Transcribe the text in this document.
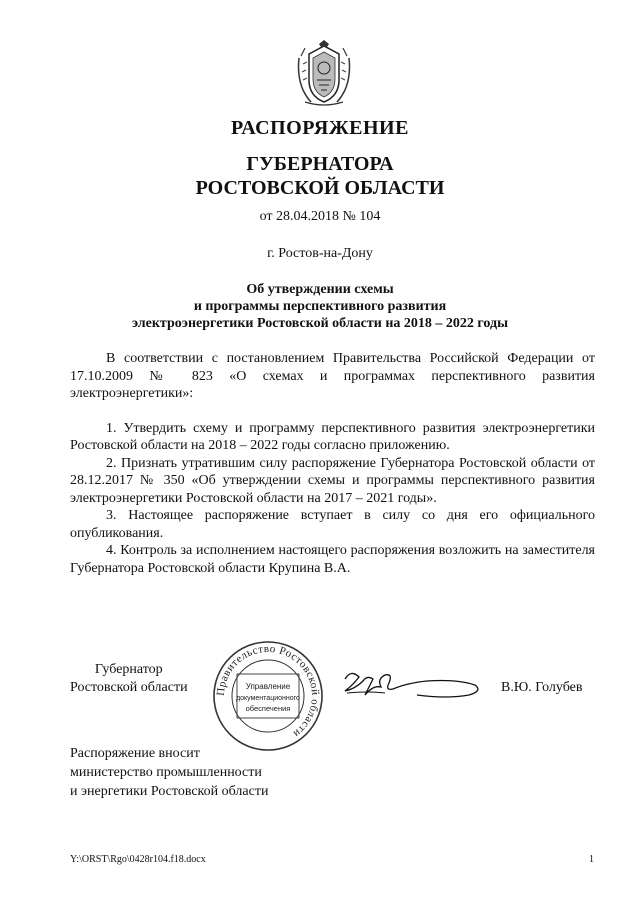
РАСПОРЯЖЕНИЕ
ГУБЕРНАТОРА
РОСТОВСКОЙ ОБЛАСТИ
от 28.04.2018 № 104
г. Ростов-на-Дону
Об утверждении схемы
и программы перспективного развития
электроэнергетики Ростовской области на 2018 – 2022 годы

В соответствии с постановлением Правительства Российской Федерации от 17.10.2009 № 823 «О схемах и программах перспективного развития электроэнергетики»:

1. Утвердить схему и программу перспективного развития электроэнергетики Ростовской области на 2018 – 2022 годы согласно приложению.

2. Признать утратившим силу распоряжение Губернатора Ростовской области от 28.12.2017 № 350 «Об утверждении схемы и программы перспективного развития электроэнергетики Ростовской области на 2017 – 2021 годы».

3. Настоящее распоряжение вступает в силу со дня его официального опубликования.

4. Контроль за исполнением настоящего распоряжения возложить на заместителя Губернатора Ростовской области Крупина В.А.

Губернатор
Ростовской области Правительство Ростовской области
Управление
документационного
обеспечения
В.Ю. Голубев
Распоряжение вносит
министерство промышленности
и энергетики Ростовской области
Y:\ORST\Rgo\0428r104.f18.docx	1
